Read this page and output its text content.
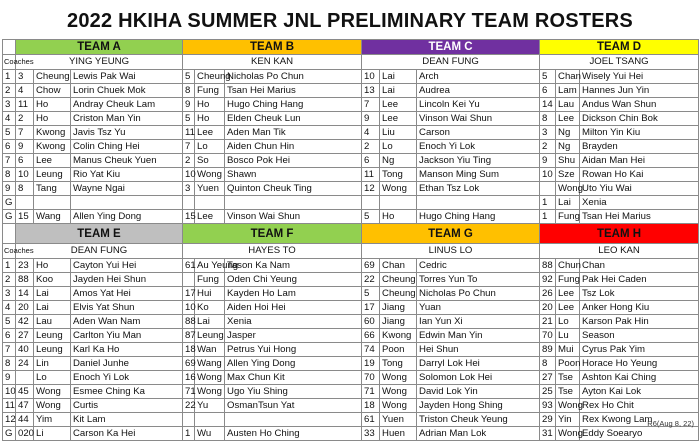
2022 HKIHA SUMMER JNL PRELIMINARY TEAM ROSTERS
	TEAM A			TEAM B			TEAM C			TEAM D		
Coaches	YING YEUNG			KEN KAN			DEAN FUNG			JOEL TSANG		
1	3	Cheung	Lewis Pak Wai	5	Cheung	Nicholas Po Chun	10	Lai	Arch	5	Chan	Wisely Yui Hei
2	4	Chow	Lorin Chuek Mok	8	Fung	Tsan Hei Marius	13	Lai	Audrea	6	Lam	Hannes Jun Yin
3	11	Ho	Andray Cheuk Lam	9	Ho	Hugo Ching Hang	7	Lee	Lincoln Kei Yu	14	Lau	Andus Wan Shun
4	2	Ho	Criston Man Yin	5	Ho	Elden Cheuk Lun	9	Lee	Vinson Wai Shun	8	Lee	Dickson Chin Bok
5	7	Kwong	Javis Tsz Yu	11	Lee	Aden Man Tik	4	Liu	Carson	3	Ng	Milton Yin Kiu
6	9	Kwong	Colin Ching Hei	7	Lo	Aiden Chun Hin	2	Lo	Enoch Yi Lok	2	Ng	Brayden
7	6	Lee	Manus Cheuk Yuen	2	So	Bosco Pok Hei	6	Ng	Jackson Yiu Ting	9	Shu	Aidan Man Hei
8	10	Leung	Rio Yat Kiu	10	Wong	Shawn	11	Tong	Manson Ming Sum	10	Sze	Rowan Ho Kai
9	8	Tang	Wayne Ngai	3	Yuen	Quinton Cheuk Ting	12	Wong	Ethan Tsz Lok		Wong	Uto Yiu Wai
G										1	Lai	Xenia
G	15	Wang	Allen Ying Dong	15	Lee	Vinson Wai Shun	5	Ho	Hugo Ching Hang	1	Fung	Tsan Hei Marius
	TEAM E			TEAM F			TEAM G			TEAM H		
Coaches	DEAN FUNG			HAYES TO			LINUS LO			LEO KAN		
1	23	Ho	Cayton Yui Hei	61	Au Yeung	Tason Ka Nam	69	Chan	Cedric	88	Chun	Chan
2	88	Koo	Jayden Hei Shun		Fung	Oden Chi Yeung	22	Cheung	Torres Yun To	92	Fung	Pak Hei Caden
3	14	Lai	Amos Yat Hei	17	Hui	Kayden Ho Lam	5	Cheung	Nicholas Po Chun	26	Lee	Tsz Lok
4	20	Lai	Elvis Yat Shun	10	Ko	Aiden Hoi Hei	17	Jiang	Yuan	20	Lee	Anker Hong Kiu
5	42	Lau	Aden Wan Nam	88	Lai	Xenia	60	Jiang	Ian Yun Xi	21	Lo	Karson Pak Hin
6	27	Leung	Carlton Yiu Man	87	Leung	Jasper	66	Kwong	Edwin Man Yin	70	Lu	Season
7	40	Leung	Karl Ka Ho	18	Wan	Petrus Yui Hong	74	Poon	Hei Shun	89	Mui	Cyrus Pak Yim
8	24	Lin	Daniel Junhe	69	Wang	Allen Ying Dong	19	Tong	Darryl Lok Hei	8	Poon	Horace Ho Yeung
9		Lo	Enoch Yi Lok	16	Wong	Max Chun Kit	70	Wong	Solomon Lok Hei	27	Tse	Ashton Kai Ching
10	45	Wong	Esmee Ching Ka	71	Wong	Ugo Yiu Shing	71	Wong	David Lok Yin	25	Tse	Ayton Kai Lok
11	47	Wong	Curtis	22	Yu	OsmanTsun Yat	18	Wong	Jayden Hong Shing	93	Wong	Rex Ho Chit
12	44	Yim	Kit Lam				61	Yuen	Triston Cheuk Yeung	29	Yin	Rex Kwong Lam
G	020	Li	Carson Ka Hei	1	Wu	Austen Ho Ching	33	Huen	Adrian Man Lok	31	Wong	Eddy Soearyo
R6(Aug 8, 22)
